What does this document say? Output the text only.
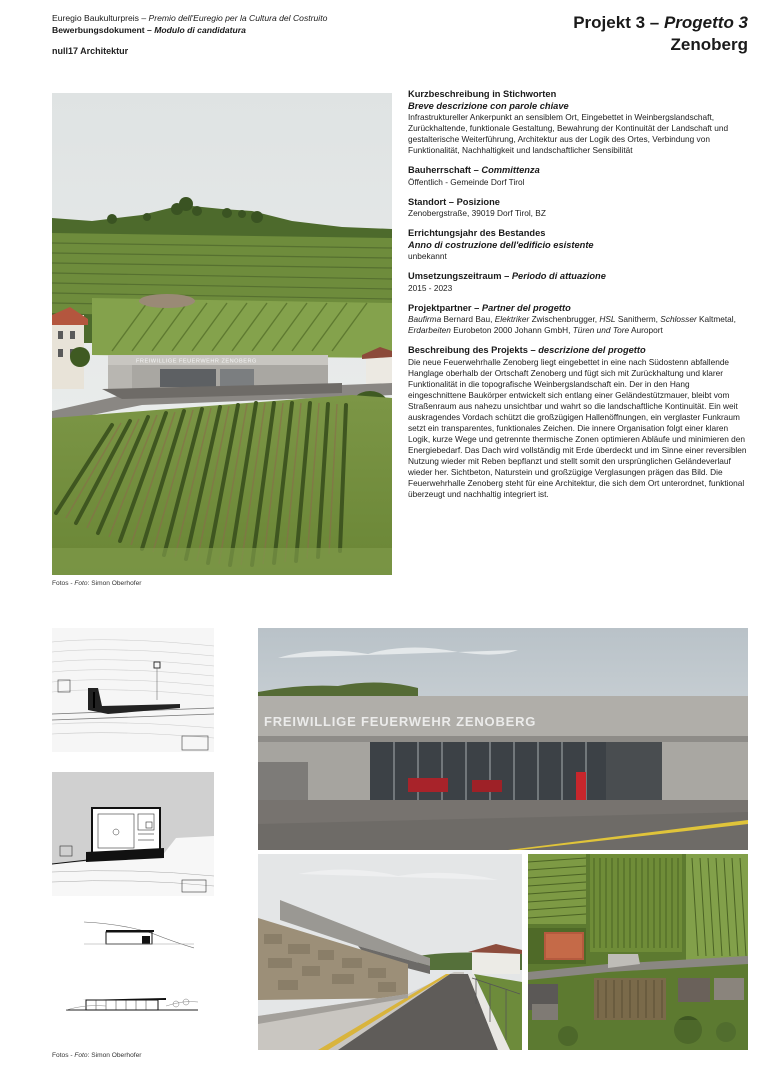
Euregio Baukulturpreis – Premio dell'Euregio per la Cultura del Costruito
Bewerbungsdokument – Modulo di candidatura
null17 Architektur
Projekt 3 – Progetto 3
Zenoberg
FREIWILLIGE FEUERWEHR ZENOBERG
Fotos - Foto: Simon Oberhofer
Kurzbeschreibung in Stichworten
Breve descrizione con parole chiave
Infrastruktureller Ankerpunkt an sensiblem Ort, Eingebettet in Weinbergslandschaft, Zurückhaltende, funktionale Gestaltung, Bewahrung der Kontinuität der Landschaft und gestalterische Weiterführung, Architektur aus der Logik des Ortes, Verbindung von Funktionalität, Nachhaltigkeit und landschaftlicher Sensibilität
Bauherrschaft – Committenza
Öffentlich - Gemeinde Dorf Tirol
Standort – Posizione
Zenobergstraße, 39019 Dorf Tirol, BZ
Errichtungsjahr des Bestandes
Anno di costruzione dell'edificio esistente
unbekannt
Umsetzungszeitraum – Periodo di attuazione
2015 - 2023
Projektpartner – Partner del progetto
Baufirma Bernard Bau, Elektriker Zwischenbrugger, HSL Sanitherm, Schlosser Kaltmetal, Erdarbeiten Eurobeton 2000 Johann GmbH, Türen und Tore Auroport
Beschreibung des Projekts – descrizione del progetto
Die neue Feuerwehrhalle Zenoberg liegt eingebettet in eine nach Südostenn abfallende Hanglage oberhalb der Ortschaft Zenoberg und fügt sich mit Zurückhaltung und klarer Funktionalität in die topografische Weinbergslandschaft ein. Der in den Hang eingeschnittene Baukörper entwickelt sich entlang einer Geländestützmauer, bleibt vom Straßenraum aus nahezu unsichtbar und wahrt so die landschaftliche Kontinuität. Ein weit auskragendes Vordach schützt die großzügigen Hallenöffnungen, ein verglaster Funkraum setzt ein transparentes, funktionales Zeichen. Die innere Organisation folgt einer klaren Logik, kurze Wege und getrennte thermische Zonen optimieren Abläufe und minimieren den Energiebedarf. Das Dach wird vollständig mit Erde überdeckt und im Sinne einer reversiblen Nutzung wieder mit Reben bepflanzt und stellt somit den ursprünglichen Geländeverlauf wieder her. Sichtbeton, Naturstein und großzügige Verglasungen prägen das Bild. Die Feuerwehrhalle Zenoberg steht für eine Architektur, die sich dem Ort unterordnet, funktional überzeugt und nachhaltig integriert ist.
Fotos - Foto: Simon Oberhofer
FREIWILLIGE FEUERWEHR ZENOBERG
